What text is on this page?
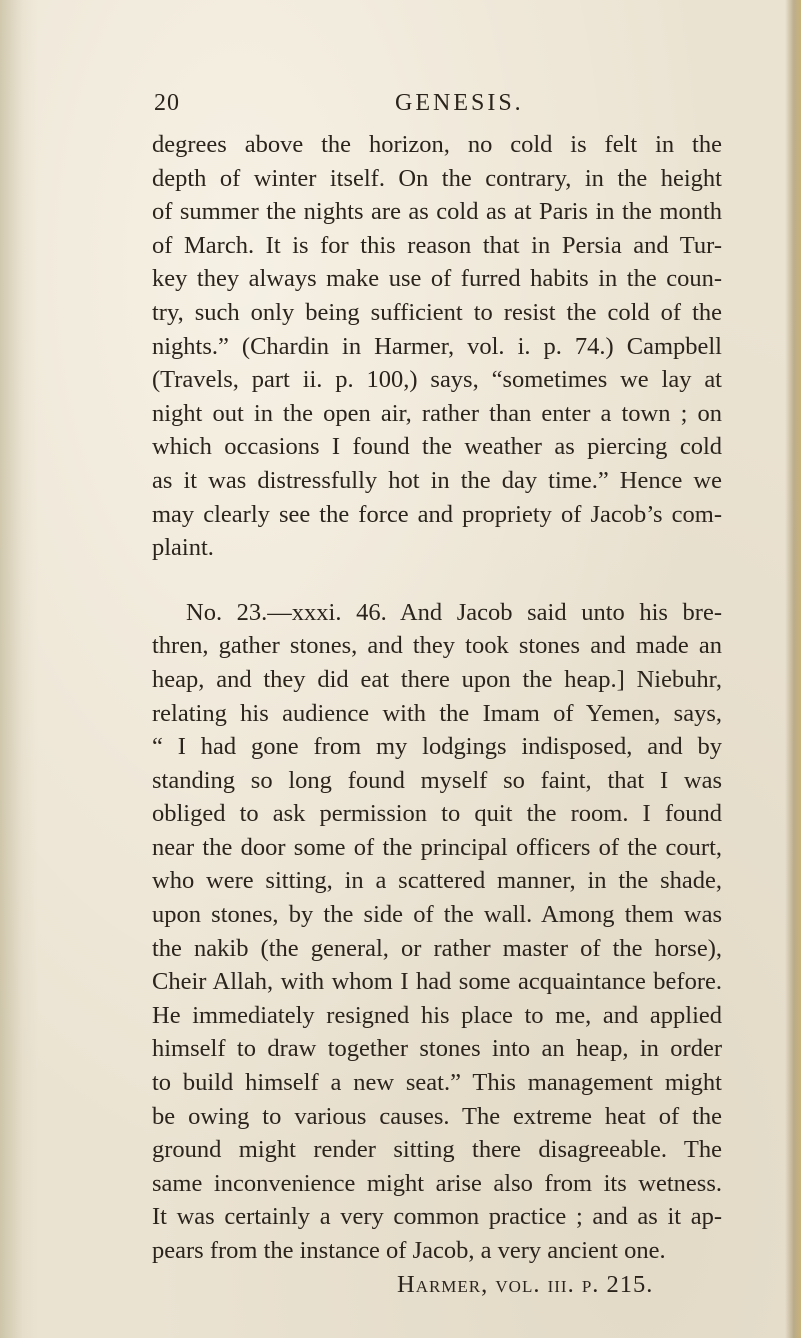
20	GENESIS.
degrees above the horizon, no cold is felt in the
depth of winter itself. On the contrary, in the height
of summer the nights are as cold as at Paris in the month
of March. It is for this reason that in Persia and Tur-
key they always make use of furred habits in the coun-
try, such only being sufficient to resist the cold of the
nights.” (Chardin in Harmer, vol. i. p. 74.) Campbell
(Travels, part ii. p. 100,) says, “sometimes we lay at
night out in the open air, rather than enter a town ; on
which occasions I found the weather as piercing cold
as it was distressfully hot in the day time.” Hence we
may clearly see the force and propriety of Jacob’s com-
plaint.
No. 23.—xxxi. 46. And Jacob said unto his bre-
thren, gather stones, and they took stones and made an
heap, and they did eat there upon the heap.] Niebuhr,
relating his audience with the Imam of Yemen, says,
“ I had gone from my lodgings indisposed, and by
standing so long found myself so faint, that I was
obliged to ask permission to quit the room. I found
near the door some of the principal officers of the court,
who were sitting, in a scattered manner, in the shade,
upon stones, by the side of the wall. Among them was
the nakib (the general, or rather master of the horse),
Cheir Allah, with whom I had some acquaintance before.
He immediately resigned his place to me, and applied
himself to draw together stones into an heap, in order
to build himself a new seat.” This management might
be owing to various causes. The extreme heat of the
ground might render sitting there disagreeable. The
same inconvenience might arise also from its wetness.
It was certainly a very common practice ; and as it ap-
pears from the instance of Jacob, a very ancient one.
Harmer, vol. iii. p. 215.
